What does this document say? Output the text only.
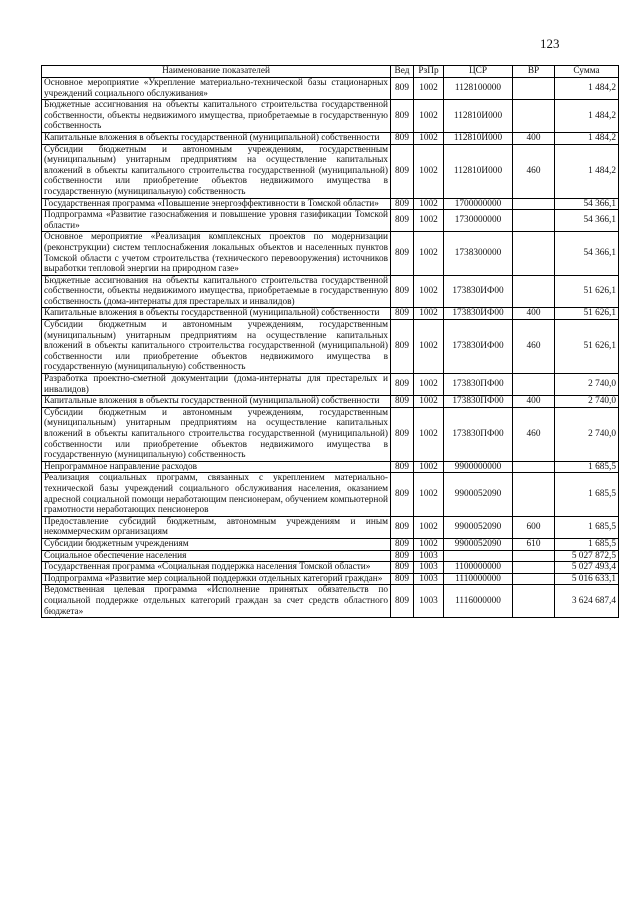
123
Наименование показателей	Вед	РзПр	ЦСР	ВР	Сумма
Основное мероприятие «Укрепление материально-технической базы стационарных учреждений социального обслуживания»	809	1002	1128100000		1 484,2
Бюджетные ассигнования на объекты капитального строительства государственной собственности, объекты недвижимого имущества, приобретаемые в государственную собственность	809	1002	112810И000		1 484,2
Капитальные вложения в объекты государственной (муниципальной) собственности	809	1002	112810И000	400	1 484,2
Субсидии бюджетным и автономным учреждениям, государственным (муниципальным) унитарным предприятиям на осуществление капитальных вложений в объекты капитального строительства государственной (муниципальной) собственности или приобретение объектов недвижимого имущества в государственную (муниципальную) собственность	809	1002	112810И000	460	1 484,2
Государственная программа «Повышение энергоэффективности в Томской области»	809	1002	1700000000		54 366,1
Подпрограмма «Развитие газоснабжения и повышение уровня газификации Томской области»	809	1002	1730000000		54 366,1
Основное мероприятие «Реализация комплексных проектов по модернизации (реконструкции) систем теплоснабжения локальных объектов и населенных пунктов Томской области с учетом строительства (технического перевооружения) источников выработки тепловой энергии на природном газе»	809	1002	1738300000		54 366,1
Бюджетные ассигнования на объекты капитального строительства государственной собственности, объекты недвижимого имущества, приобретаемые в государственную собственность (дома-интернаты для престарелых и инвалидов)	809	1002	173830ИФ00		51 626,1
Капитальные вложения в объекты государственной (муниципальной) собственности	809	1002	173830ИФ00	400	51 626,1
Субсидии бюджетным и автономным учреждениям, государственным (муниципальным) унитарным предприятиям на осуществление капитальных вложений в объекты капитального строительства государственной (муниципальной) собственности или приобретение объектов недвижимого имущества в государственную (муниципальную) собственность	809	1002	173830ИФ00	460	51 626,1
Разработка проектно-сметной документации (дома-интернаты для престарелых и инвалидов)	809	1002	173830ПФ00		2 740,0
Капитальные вложения в объекты государственной (муниципальной) собственности	809	1002	173830ПФ00	400	2 740,0
Субсидии бюджетным и автономным учреждениям, государственным (муниципальным) унитарным предприятиям на осуществление капитальных вложений в объекты капитального строительства государственной (муниципальной) собственности или приобретение объектов недвижимого имущества в государственную (муниципальную) собственность	809	1002	173830ПФ00	460	2 740,0
Непрограммное направление расходов	809	1002	9900000000		1 685,5
Реализация социальных программ, связанных с укреплением материально-технической базы учреждений социального обслуживания населения, оказанием адресной социальной помощи неработающим пенсионерам, обучением компьютерной грамотности неработающих пенсионеров	809	1002	9900052090		1 685,5
Предоставление субсидий бюджетным, автономным учреждениям и иным некоммерческим организациям	809	1002	9900052090	600	1 685,5
Субсидии бюджетным учреждениям	809	1002	9900052090	610	1 685,5
Социальное обеспечение населения	809	1003			5 027 872,5
Государственная программа «Социальная поддержка населения Томской области»	809	1003	1100000000		5 027 493,4
Подпрограмма «Развитие мер социальной поддержки отдельных категорий граждан»	809	1003	1110000000		5 016 633,1
Ведомственная целевая программа «Исполнение принятых обязательств по социальной поддержке отдельных категорий граждан за счет средств областного бюджета»	809	1003	1116000000		3 624 687,4
